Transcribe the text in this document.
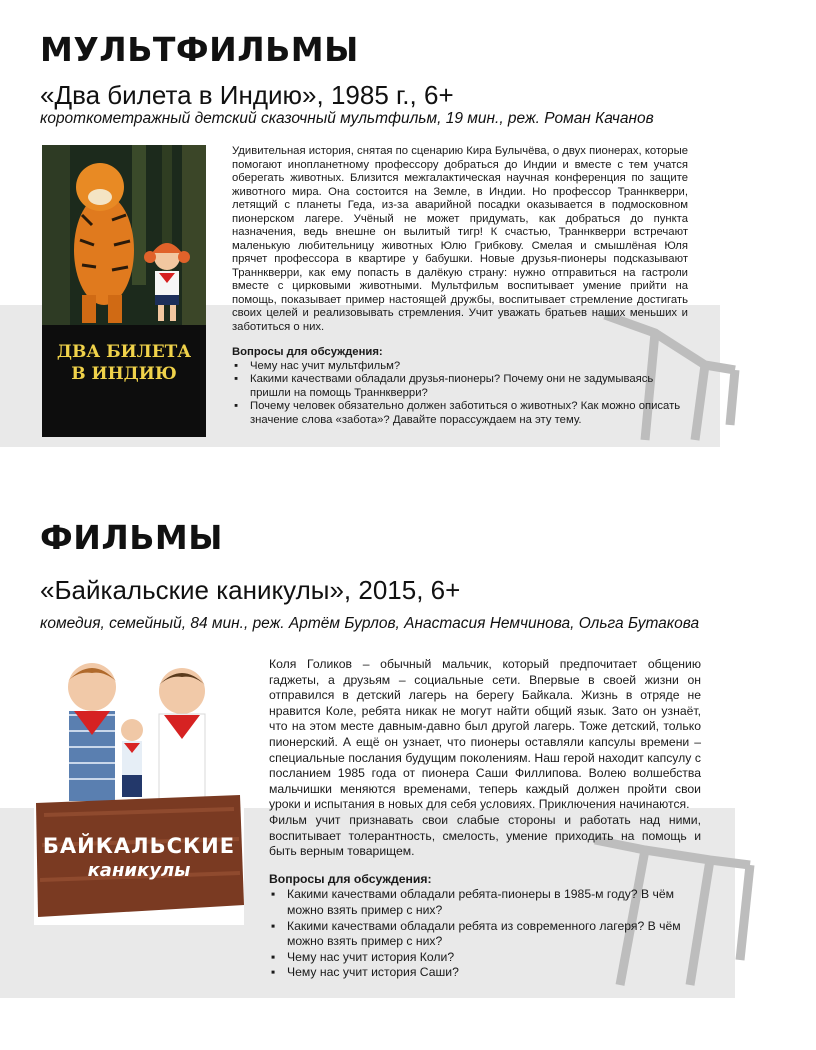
МУЛЬТФИЛЬМЫ
«Два билета в Индию», 1985 г., 6+
короткометражный детский сказочный мультфильм, 19 мин., реж. Роман Качанов
ДВА БИЛЕТА
В ИНДИЮ

Удивительная история, снятая по сценарию Кира Булычёва, о двух пионерах, которые помогают инопланетному профессору добраться до Индии и вместе с тем учатся оберегать животных. Близится межгалактическая научная конференция по защите животного мира. Она состоится на Земле, в Индии. Но профессор Траннкверри, летящий с планеты Геда, из-за аварийной посадки оказывается в подмосковном пионерском лагере. Учёный не может придумать, как добраться до пункта назначения, ведь внешне он вылитый тигр! К счастью, Траннкверри встречают маленькую любительницу животных Юлю Грибкову. Смелая и смышлёная Юля прячет профессора в квартире у бабушки. Новые друзья-пионеры подсказывают Траннкверри, как ему попасть в далёкую страну: нужно отправиться на гастроли вместе с цирковыми животными. Мультфильм воспитывает умение прийти на помощь, показывает пример настоящей дружбы, воспитывает стремление достигать своих целей и реализовывать стремления. Учит уважать братьев наших меньших и заботиться о них.

Вопросы для обсуждения:
▪ Чему нас учит мультфильм?
▪ Какими качествами обладали друзья-пионеры? Почему они не задумываясь пришли на помощь Траннкверри?
▪ Почему человек обязательно должен заботиться о животных? Как можно описать значение слова «забота»? Давайте порассуждаем на эту тему.
ФИЛЬМЫ
«Байкальские каникулы», 2015, 6+
комедия, семейный, 84 мин., реж. Артём Бурлов, Анастасия Немчинова, Ольга Бутакова
БАЙКАЛЬСКИЕ
каникулы

Коля Голиков – обычный мальчик, который предпочитает общению гаджеты, а друзьям – социальные сети. Впервые в своей жизни он отправился в детский лагерь на берегу Байкала. Жизнь в отряде не нравится Коле, ребята никак не могут найти общий язык. Зато он узнаёт, что на этом месте давным-давно был другой лагерь. Тоже детский, только пионерский. А ещё он узнает, что пионеры оставляли капсулы времени – специальные послания будущим поколениям. Наш герой находит капсулу с посланием 1985 года от пионера Саши Филлипова. Волею волшебства мальчишки меняются временами, теперь каждый должен пройти свои уроки и испытания в новых для себя условиях. Приключения начинаются.

Фильм учит признавать свои слабые стороны и работать над ними, воспитывает толерантность, смелость, умение приходить на помощь и быть верным товарищем.

Вопросы для обсуждения:
▪ Какими качествами обладали ребята-пионеры в 1985-м году? В чём можно взять пример с них?
▪ Какими качествами обладали ребята из современного лагеря? В чём можно взять пример с них?
▪ Чему нас учит история Коли?
▪ Чему нас учит история Саши?
